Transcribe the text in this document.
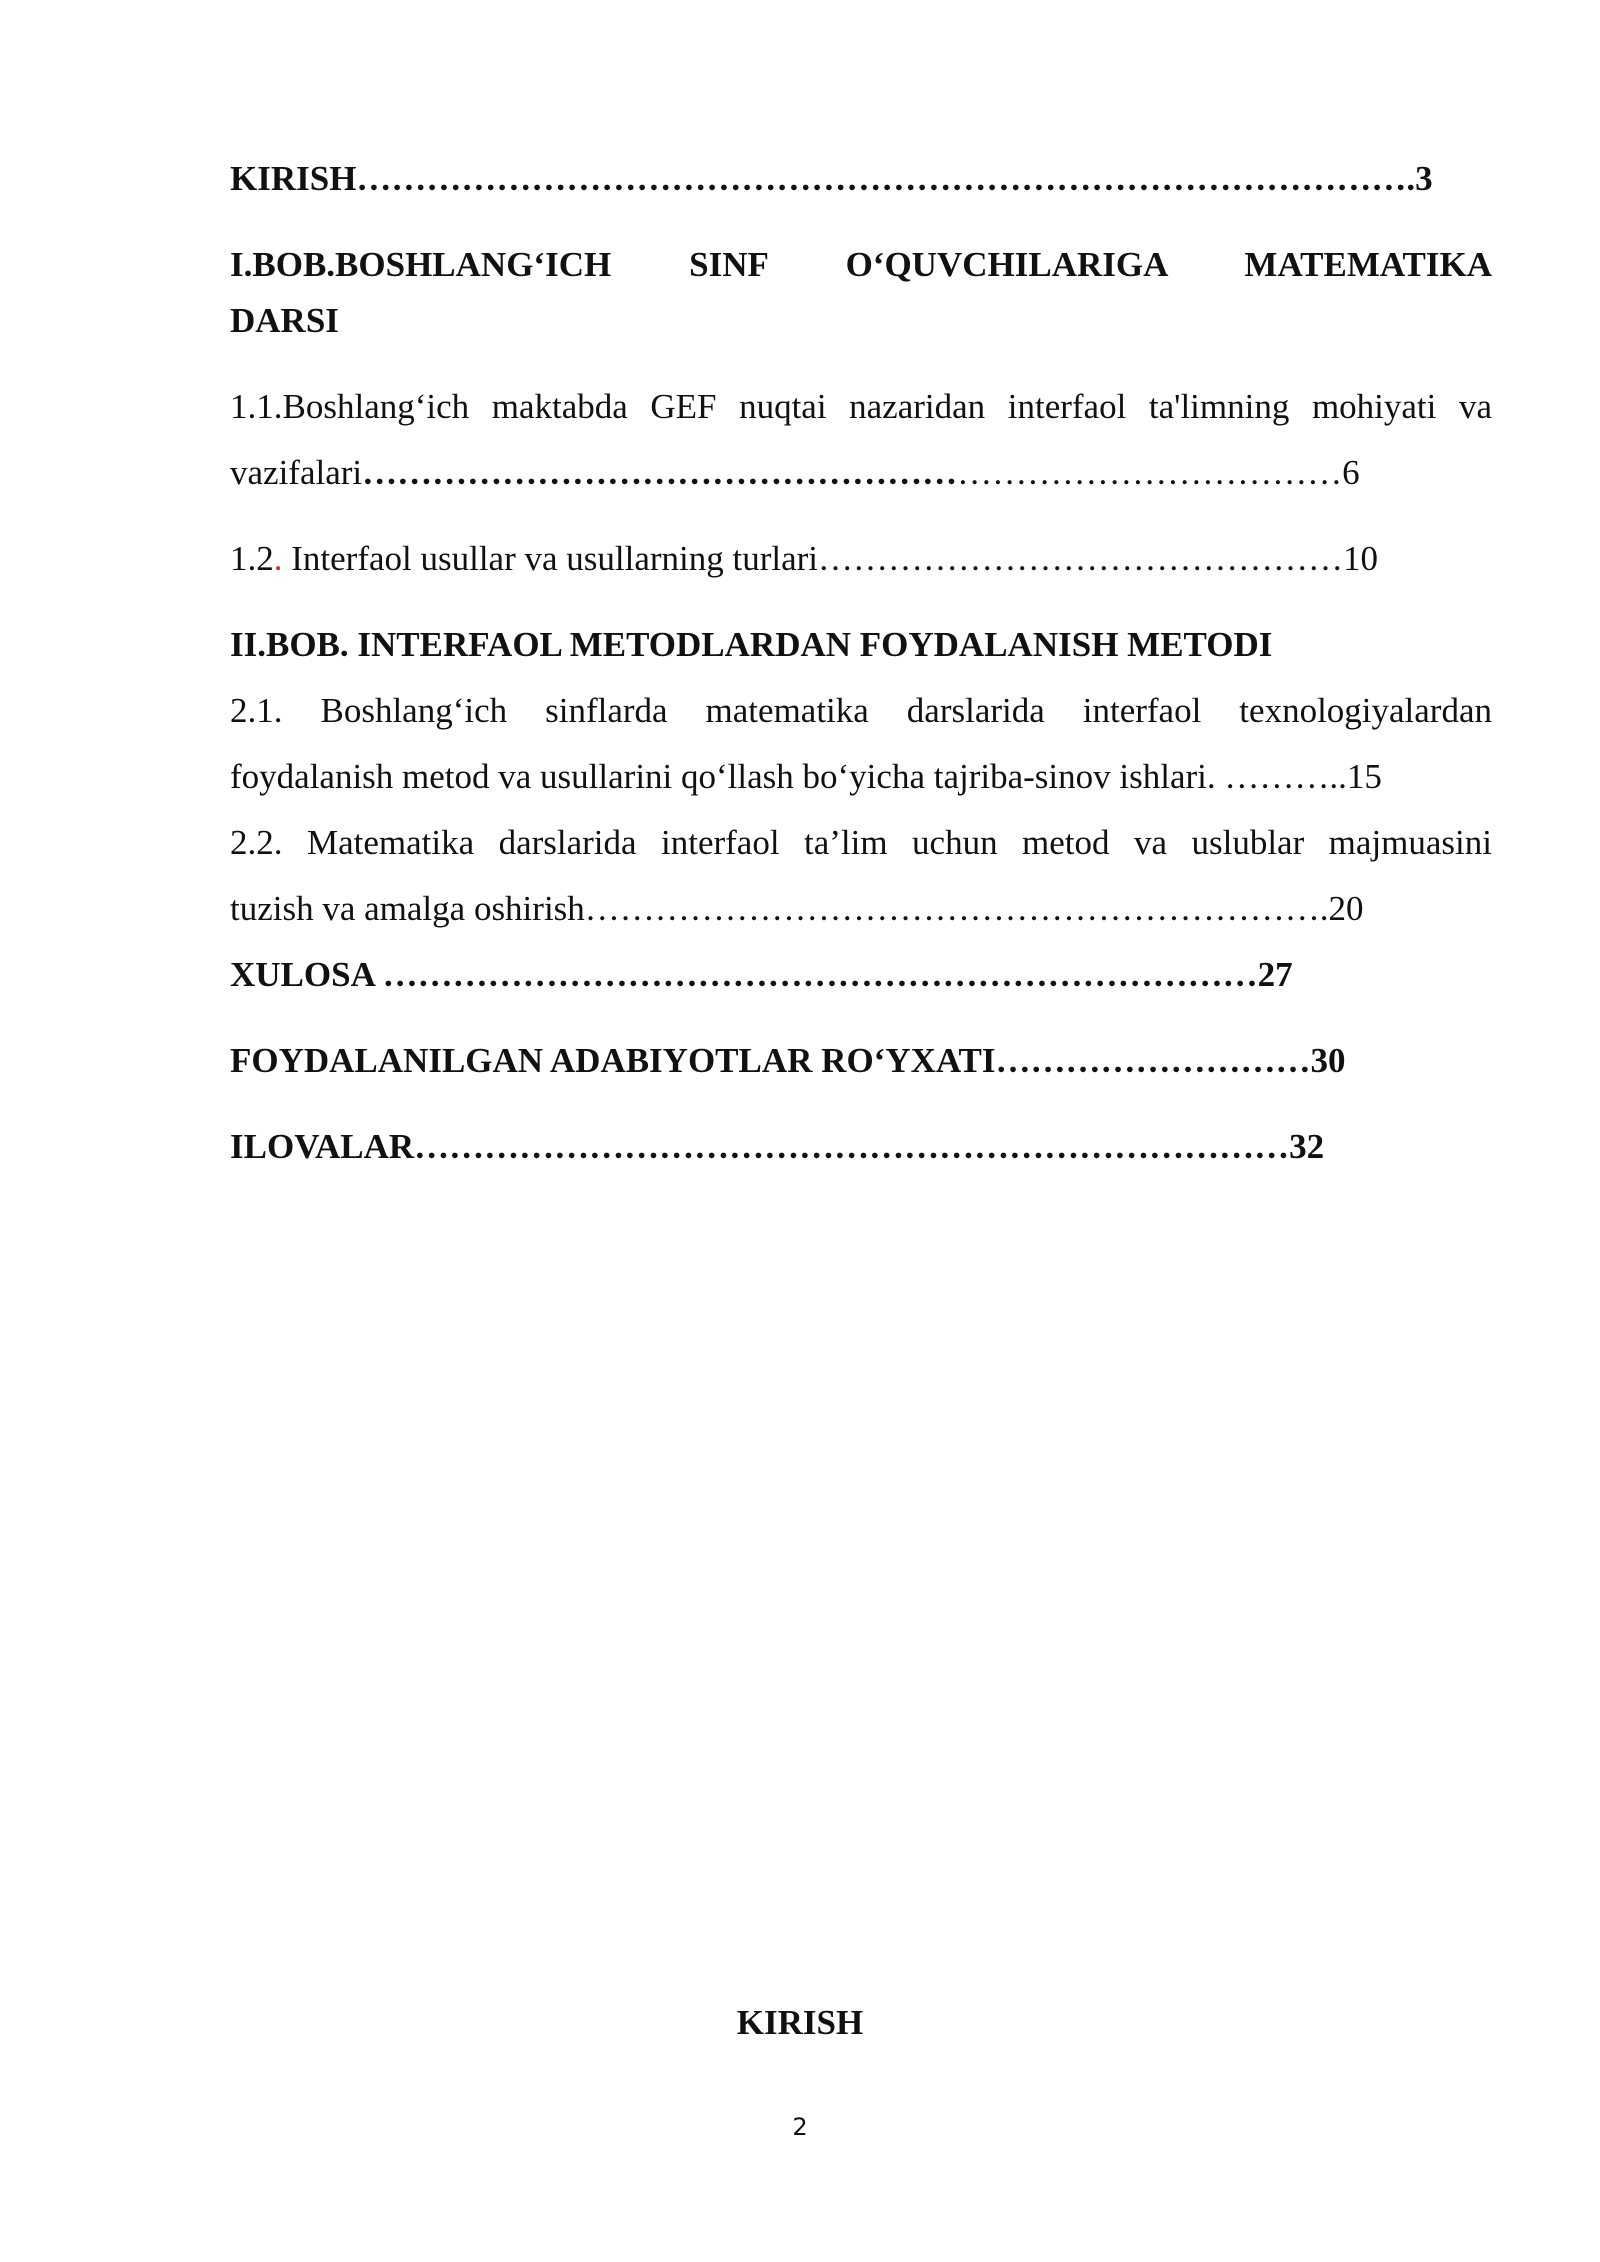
KIRISH……………………………………………………………………………….3
I.BOB.BOSHLANG‘ICH SINF O‘QUVCHILARIGA MATEMATIKA
DARSI
1.1.Boshlang‘ich maktabda GEF nuqtai nazaridan interfaol ta'limning mohiyati va
vazifalari…………………………………………………………………………6
1.2. Interfaol usullar va usullarning turlari………………………………………10
II.BOB. INTERFAOL METODLARDAN FOYDALANISH METODI
2.1. Boshlang‘ich sinflarda matematika darslarida interfaol texnologiyalardan
foydalanish metod va usullarini qo‘llash bo‘yicha tajriba-sinov ishlari. ………..15
2.2. Matematika darslarida interfaol ta’lim uchun metod va uslublar majmuasini
tuzish va amalga oshirish……………………………………………………….20
XULOSA …………………………………………………………………27
FOYDALANILGAN ADABIYOTLAR RO‘YXATI………………………30
ILOVALAR…………………………………………………………………32
KIRISH
2
